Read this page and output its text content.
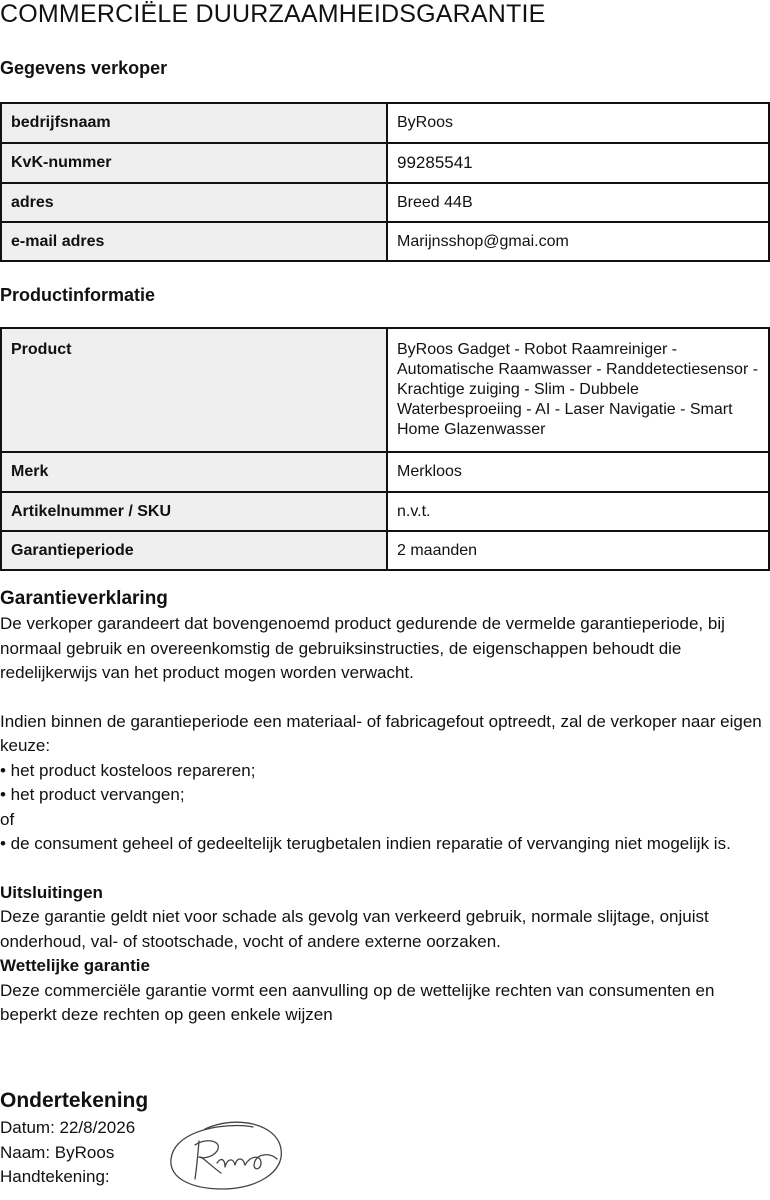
COMMERCIËLE DUURZAAMHEIDSGARANTIE
Gegevens verkoper
bedrijfsnaam	ByRoos
KvK-nummer	99285541
adres	Breed 44B
e-mail adres	Marijnsshop@gmai.com
Productinformatie
Product	ByRoos Gadget - Robot Raamreiniger - Automatische Raamwasser - Randdetectiesensor - Krachtige zuiging - Slim - Dubbele Waterbesproeiing - AI - Laser Navigatie - Smart Home Glazenwasser
Merk	Merkloos
Artikelnummer / SKU	n.v.t.
Garantieperiode	2 maanden
Garantieverklaring

De verkoper garandeert dat bovengenoemd product gedurende de vermelde garantieperiode, bij normaal gebruik en overeenkomstig de gebruiksinstructies, de eigenschappen behoudt die redelijkerwijs van het product mogen worden verwacht.

Indien binnen de garantieperiode een materiaal- of fabricagefout optreedt, zal de verkoper naar eigen keuze:

• het product kosteloos repareren;

• het product vervangen;

of

• de consument geheel of gedeeltelijk terugbetalen indien reparatie of vervanging niet mogelijk is.

Uitsluitingen

Deze garantie geldt niet voor schade als gevolg van verkeerd gebruik, normale slijtage, onjuist onderhoud, val- of stootschade, vocht of andere externe oorzaken.

Wettelijke garantie

Deze commerciële garantie vormt een aanvulling op de wettelijke rechten van consumenten en beperkt deze rechten op geen enkele wijzen

Ondertekening
Datum: 22/8/2026
Naam: ByRoos
Handtekening:
